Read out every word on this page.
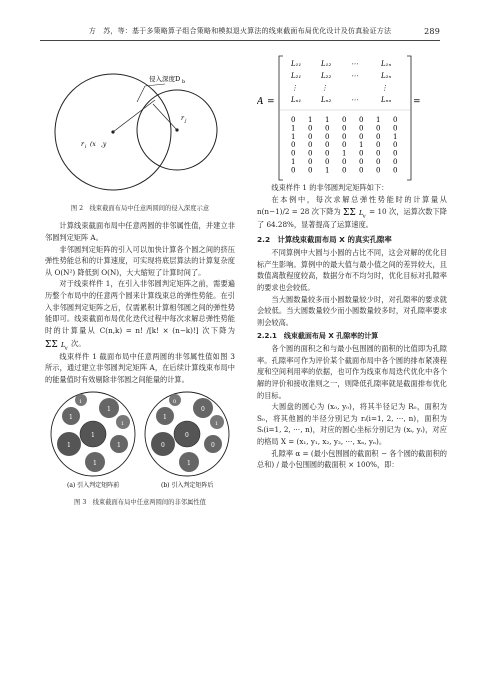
方　苏，等：基于多策略算子组合策略和模拟退火算法的线束截面布局优化设计及仿真验证方法	289
侵入深度D b
r i (x ,y
r j
图 2　线束截面布局中任意两圆间的侵入深度示意

计算线束截面布局中任意两圆的非邻属性值，并建立非邻圆判定矩阵 A。

非邻圆判定矩阵的引入可以加快计算各个圆之间的挤压弹性势能总和的计算速度，可实现将底层算法的计算复杂度从 O(N²) 降低到 O(N)，大大缩短了计算时间了。

对于线束样件 1，在引入非邻圆判定矩阵之前，需要遍历整个布局中的任意两个圆来计算线束总的弹性势能。在引入非邻圆判定矩阵之后，仅需累积计算相邻圆之间的弹性势能即可。线束截面布局优化迭代过程中每次求解总弹性势能时的计算量从 C(n,k) = n! /[k! × (n−k)!] 次下降为
ΣΣ L ij 次。

线束样件 1 截面布局中任意两圆的非邻属性值如图 3 所示，通过建立非邻圆判定矩阵 A，在后续计算线束布局中的能量值时有效剔除非邻圆之间能量的计算。

1
1
1
1
1
1
1
1
0
1
0
0
1
0
1
0
(a) 引入判定矩阵前	(b) 引入判定矩阵后
图 3　线束截面布局中任意两圆间的非邻属性值
A =	=
L₁₁	L₁₂	⋯	L₁ₙ
L₂₁	L₂₂	⋯	L₂ₙ
⋮	⋮	⋮
Lₙ₁	Lₙ₂	⋯	Lₙₙ
0 1 1 0 0 1 0
1 0 0 0 0 0 0
1 0 0 0 0 0 1
0 0 0 0 1 0 0
0 0 0 1 0 0 0
1 0 0 0 0 0 0
0 0 1 0 0 0 0

线束样件 1 的非邻圆判定矩阵如下：

在本例中，每次求解总弹性势能时的计算量从 n(n−1)/2 = 28 次下降为 ΣΣ L ij = 10 次，运算次数下降了 64.28%，显著提高了运算速度。

2.2　计算线束截面布局 X 的真实孔隙率

不同算例中大圆与小圆的占比不同，这会对解的优化目标产生影响。算例中的最大值与最小值之间的差异较大，且数值离散程度较高，数据分布不均匀时，优化目标对孔隙率的要求也会较低。

当大圆数量较多而小圆数量较少时，对孔隙率的要求就会较低。当大圆数量较少而小圆数量较多时，对孔隙率要求则会较高。

2.2.1　线束截面布局 X 孔隙率的计算

各个圆的面积之和与最小包围圆的面积的比值即为孔隙率。孔隙率可作为评价某个截面布局中各个圆的排布紧凑程度和空间利用率的依据，也可作为线束布局迭代优化中各个解的评价和接收准则之一，则降低孔隙率就是截面排布优化的目标。

大圆盘的圆心为 (x₀, y₀)，将其半径记为 R₀，面积为 S₀，将其他圆的半径分别记为 rᵢ(i=1, 2, ⋯, n)，面积为 Sᵢ(i=1, 2, ⋯, n)，对应的圆心坐标分别记为 (xᵢ, yᵢ)，对应的格局 X = (x₁, y₁, x₂, y₂, ⋯, xₙ, yₙ)。

孔隙率 α = (最小包围圆的截面积 − 各个圆的截面积的总和) / 最小包围圆的截面积 × 100%，即：
